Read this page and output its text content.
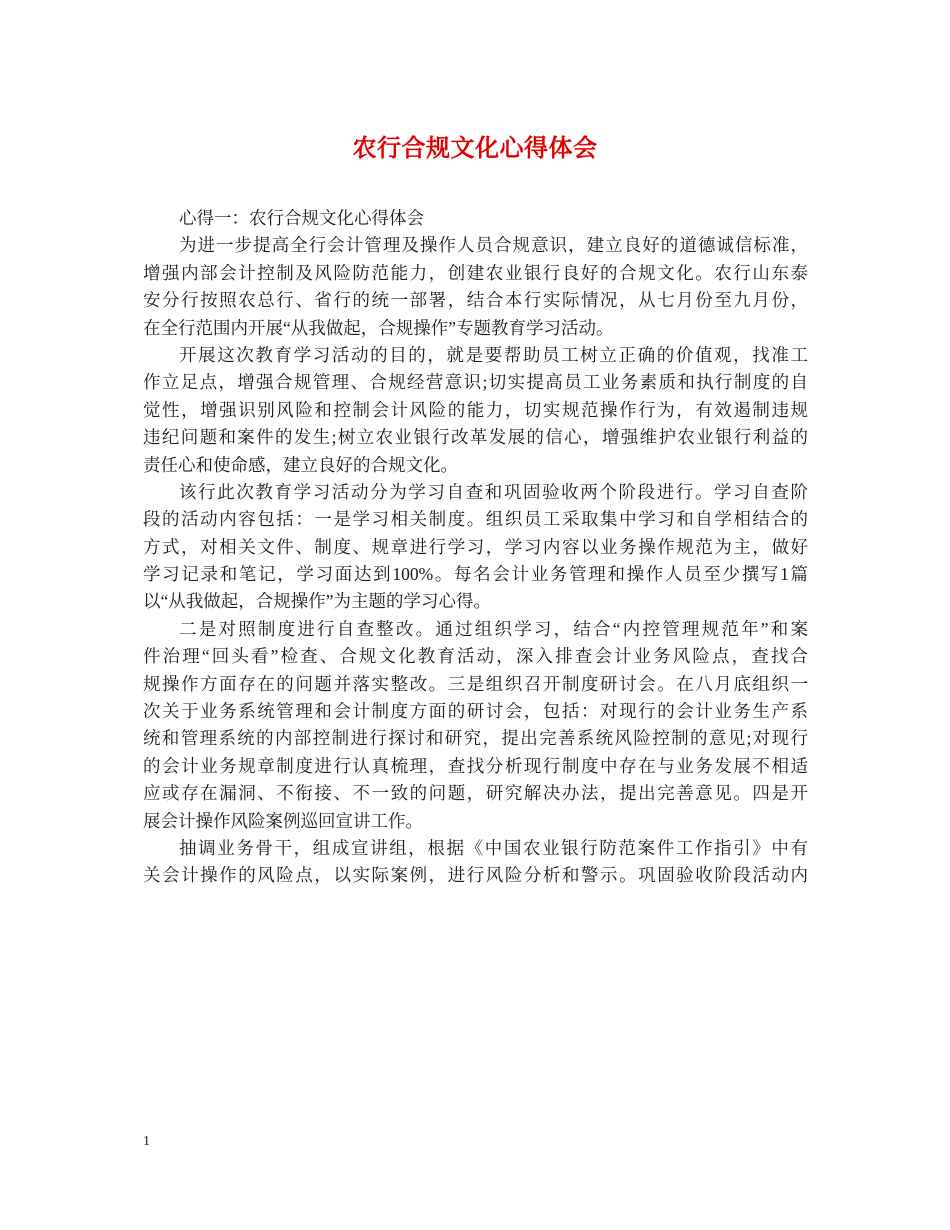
农行合规文化心得体会
心得一：农行合规文化心得体会
为进一步提高全行会计管理及操作人员合规意识，建立良好的道德诚信标准，
增强内部会计控制及风险防范能力，创建农业银行良好的合规文化。农行山东泰
安分行按照农总行、省行的统一部署，结合本行实际情况，从七月份至九月份，
在全行范围内开展“从我做起，合规操作”专题教育学习活动。
开展这次教育学习活动的目的，就是要帮助员工树立正确的价值观，找准工
作立足点，增强合规管理、合规经营意识;切实提高员工业务素质和执行制度的自
觉性，增强识别风险和控制会计风险的能力，切实规范操作行为，有效遏制违规
违纪问题和案件的发生;树立农业银行改革发展的信心，增强维护农业银行利益的
责任心和使命感，建立良好的合规文化。
该行此次教育学习活动分为学习自查和巩固验收两个阶段进行。学习自查阶
段的活动内容包括：一是学习相关制度。组织员工采取集中学习和自学相结合的
方式，对相关文件、制度、规章进行学习，学习内容以业务操作规范为主，做好
学习记录和笔记，学习面达到100%。每名会计业务管理和操作人员至少撰写1篇
以“从我做起，合规操作”为主题的学习心得。
二是对照制度进行自查整改。通过组织学习，结合“内控管理规范年”和案
件治理“回头看”检查、合规文化教育活动，深入排查会计业务风险点，查找合
规操作方面存在的问题并落实整改。三是组织召开制度研讨会。在八月底组织一
次关于业务系统管理和会计制度方面的研讨会，包括：对现行的会计业务生产系
统和管理系统的内部控制进行探讨和研究，提出完善系统风险控制的意见;对现行
的会计业务规章制度进行认真梳理，查找分析现行制度中存在与业务发展不相适
应或存在漏洞、不衔接、不一致的问题，研究解决办法，提出完善意见。四是开
展会计操作风险案例巡回宣讲工作。
抽调业务骨干，组成宣讲组，根据《中国农业银行防范案件工作指引》中有
关会计操作的风险点，以实际案例，进行风险分析和警示。巩固验收阶段活动内
1
